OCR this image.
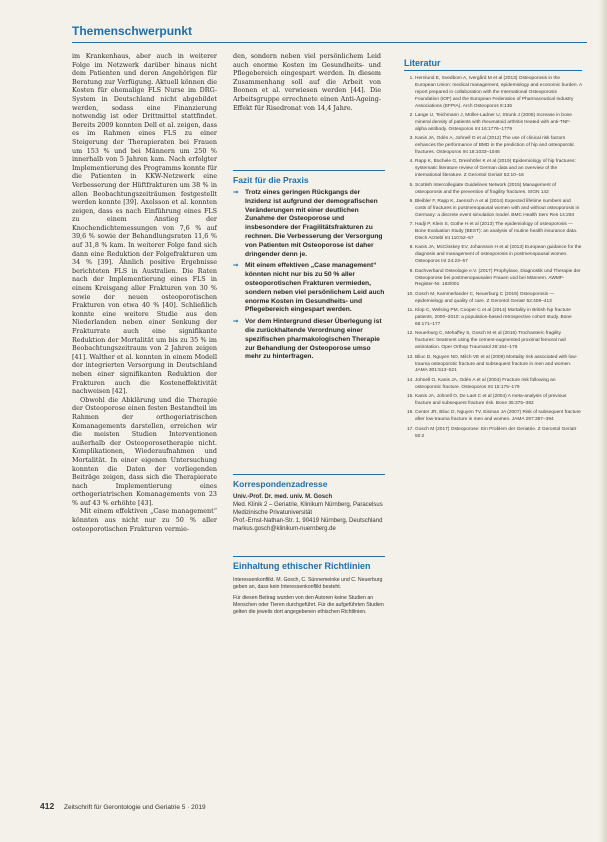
Themenschwerpunkt

im Krankenhaus, aber auch in weiterer Folge im Netzwerk darüber hinaus nicht dem Patienten und deren Angehörigen für Beratung zur Verfügung. Aktuell können die Kosten für ehemalige FLS Nurse im DRG-System in Deutschland nicht abgebildet werden, sodass eine Finanzierung notwendig ist oder Drittmittel stattfindet. Bereits 2009 konnten Dell et al. zeigen, dass es im Rahmen eines FLS zu einer Steigerung der Therapieraten bei Frauen um 153 % und bei Männern um 250 % innerhalb von 5 Jahren kam. Nach erfolgter Implementierung des Programms konnte für die Patienten in KKW-Netzwerk eine Verbesserung der Hüftfrakturen um 38 % in allen Beobachtungszeiträumen festgestellt werden konnte [39]. Axelsson et al. konnten zeigen, dass es nach Einführung eines FLS zu einem Anstieg der Knochendichtemessungen von 7,6 % auf 39,6 % sowie der Behandlungsraten 11,6 % auf 31,8 % kam. In weiterer Folge fand sich dann eine Reduktion der Folgefrakturen um 34 % [39]. Ähnlich positive Ergebnisse berichteten FLS in Australien. Die Raten nach der Implementierung eines FLS in einem Kreisgang aller Frakturen von 30 % sowie der neuen osteoporotischen Frakturen von etwa 40 % [40]. Schließlich konnte eine weitere Studie aus den Niederlanden neben einer Senkung der Frakturrate auch eine signifikante Reduktion der Mortalität um bis zu 35 % im Beobachtungszeitraum von 2 Jahren zeigen [41]. Walther et al. konnten in einem Modell der integrierten Versorgung in Deutschland neben einer signifikanten Reduktion der Frakturen auch die Kosteneffektivität nachweisen [42].

Obwohl die Abklärung und die Therapie der Osteoporose einen festen Bestandteil im Rahmen der orthogeriatrischen Komanagements darstellen, erreichen wir die meisten Studien Interventionen außerhalb der Osteoporosetherapie nicht. Komplikationen, Wiederaufnahmen und Mortalität. In einer eigenen Untersuchung konnten die Daten der vorliegenden Beiträge zeigen, dass sich die Therapierate nach Implementierung eines orthogeriatrischen Komanagements von 23 % auf 43 % erhöhte [43].

Mit einem effektiven „Case management“ könnten aus nicht nur zu 50 % aller osteoporotischen Frakturen vermie-

den, sondern neben viel persönlichem Leid auch enorme Kosten im Gesundheits- und Pflegebereich eingespart werden. In diesem Zusammenhang soll auf die Arbeit von Boonen et al. verwiesen werden [44]. Die Arbeitsgruppe errechnete einen Anti-Ageing-Effekt für Risedronat von 14,4 Jahre.

Fazit für die Praxis
➞ Trotz eines geringen Rückgangs der Inzidenz ist aufgrund der demografischen Veränderungen mit einer deutlichen Zunahme der Osteoporose und insbesondere der Fragilitätsfrakturen zu rechnen. Die Verbesserung der Versorgung von Patienten mit Osteoporose ist daher dringender denn je.
➞ Mit einem effektiven „Case management“ könnten nicht nur bis zu 50 % aller osteoporotischen Frakturen vermieden, sondern neben viel persönlichem Leid auch enorme Kosten im Gesundheits- und Pflegebereich eingespart werden.
➞ Vor dem Hintergrund dieser Überlegung ist die zurückhaltende Verordnung einer spezifischen pharmakologischen Therapie zur Behandlung der Osteoporose umso mehr zu hinterfragen.
Korrespondenzadresse
Univ.-Prof. Dr. med. univ. M. Gosch
Med. Klinik 2 – Geriatrie, Klinikum Nürnberg, Paracelsus Medizinische Privatuniversität
Prof.-Ernst-Nathan-Str. 1, 90419 Nürnberg, Deutschland
markus.gosch@klinikum-nuernberg.de
Einhaltung ethischer Richtlinien
Interessenkonflikt. M. Gosch, C. Sünnemeinke und C. Neuerburg geben an, dass kein Interessenkonflikt besteht.
Für diesen Beitrag wurden von den Autoren keine Studien an Menschen oder Tieren durchgeführt. Für die aufgeführten Studien gelten die jeweils dort angegebenen ethischen Richtlinien.
Literatur
1. Hernlund E, Svedbom A, Ivergård M et al (2013) Osteoporosis in the European Union: medical management, epidemiology and economic burden. A report prepared in collaboration with the International Osteoporosis Foundation (IOF) and the European Federation of Pharmaceutical Industry Associations (EFPIA). Arch Osteoporos 8:136
2. Lange U, Teichmann J, Müller-Ladner U, Strunk J (2005) Increase in bone mineral density of patients with rheumatoid arthritis treated with anti-TNF-alpha antibody. Osteoporos Int 16:1776–1779
3. Kanis JA, Odén A, Johnell O et al (2012) The use of clinical risk factors enhances the performance of BMD in the prediction of hip and osteoporotic fractures. Osteoporos Int 18:1033–1046
4. Rapp K, Büchele G, Dreinhöfer K et al (2019) Epidemiology of hip fractures: systematic literature review of German data and an overview of the international literature. Z Gerontol Geriatr 52:10–16
5. Scottish Intercollegiate Guidelines Network (2015) Management of osteoporosis and the prevention of fragility fractures. SIGN 142
6. Bleibler F, Rapp K, Jaensch A et al (2014) Expected lifetime numbers and costs of fractures in postmenopausal women with and without osteoporosis in Germany: a discrete event simulation model. BMC Health Serv Res 14:284
7. Hadji P, Klein S, Gothe H et al (2013) The epidemiology of osteoporosis — Bone Evaluation Study (BEST): an analysis of routine health insurance data. Dtsch Arztebl Int 110:52–57
8. Kanis JA, McCloskey EV, Johansson H et al (2013) European guidance for the diagnosis and management of osteoporosis in postmenopausal women. Osteoporos Int 24:23–57
9. Dachverband Osteologie e.V. (2017) Prophylaxe, Diagnostik und Therapie der Osteoporose bei postmenopausalen Frauen und bei Männern. AWMF-Register-Nr. 183/001
10. Gosch M, Kammerlander C, Neuerburg C (2019) Osteoporosis — epidemiology and quality of care. Z Gerontol Geriatr 52:408–413
11. Klop C, Welsing PM, Cooper C et al (2014) Mortality in British hip fracture patients, 2000–2010: a population-based retrospective cohort study. Bone 66:171–177
12. Neuerburg C, Mehaffey S, Gosch M et al (2016) Trochanteric fragility fractures: treatment using the cement-augmented proximal femoral nail antirotation. Oper Orthop Traumatol 28:164–176
13. Bliuc D, Nguyen ND, Milch VE et al (2009) Mortality risk associated with low-trauma osteoporotic fracture and subsequent fracture in men and women. JAMA 301:513–521
14. Johnell O, Kanis JA, Odén A et al (2004) Fracture risk following an osteoporotic fracture. Osteoporos Int 15:175–179
15. Kanis JA, Johnell O, De Laet C et al (2004) A meta-analysis of previous fracture and subsequent fracture risk. Bone 35:375–382
16. Center JR, Bliuc D, Nguyen TV, Eisman JA (2007) Risk of subsequent fracture after low-trauma fracture in men and women. JAMA 297:387–394
17. Gosch M (2017) Osteoporose: Ein Problem der Geriatrie. Z Gerontol Geriatr 50:2
412 Zeitschrift für Gerontologie und Geriatrie 5 · 2019
